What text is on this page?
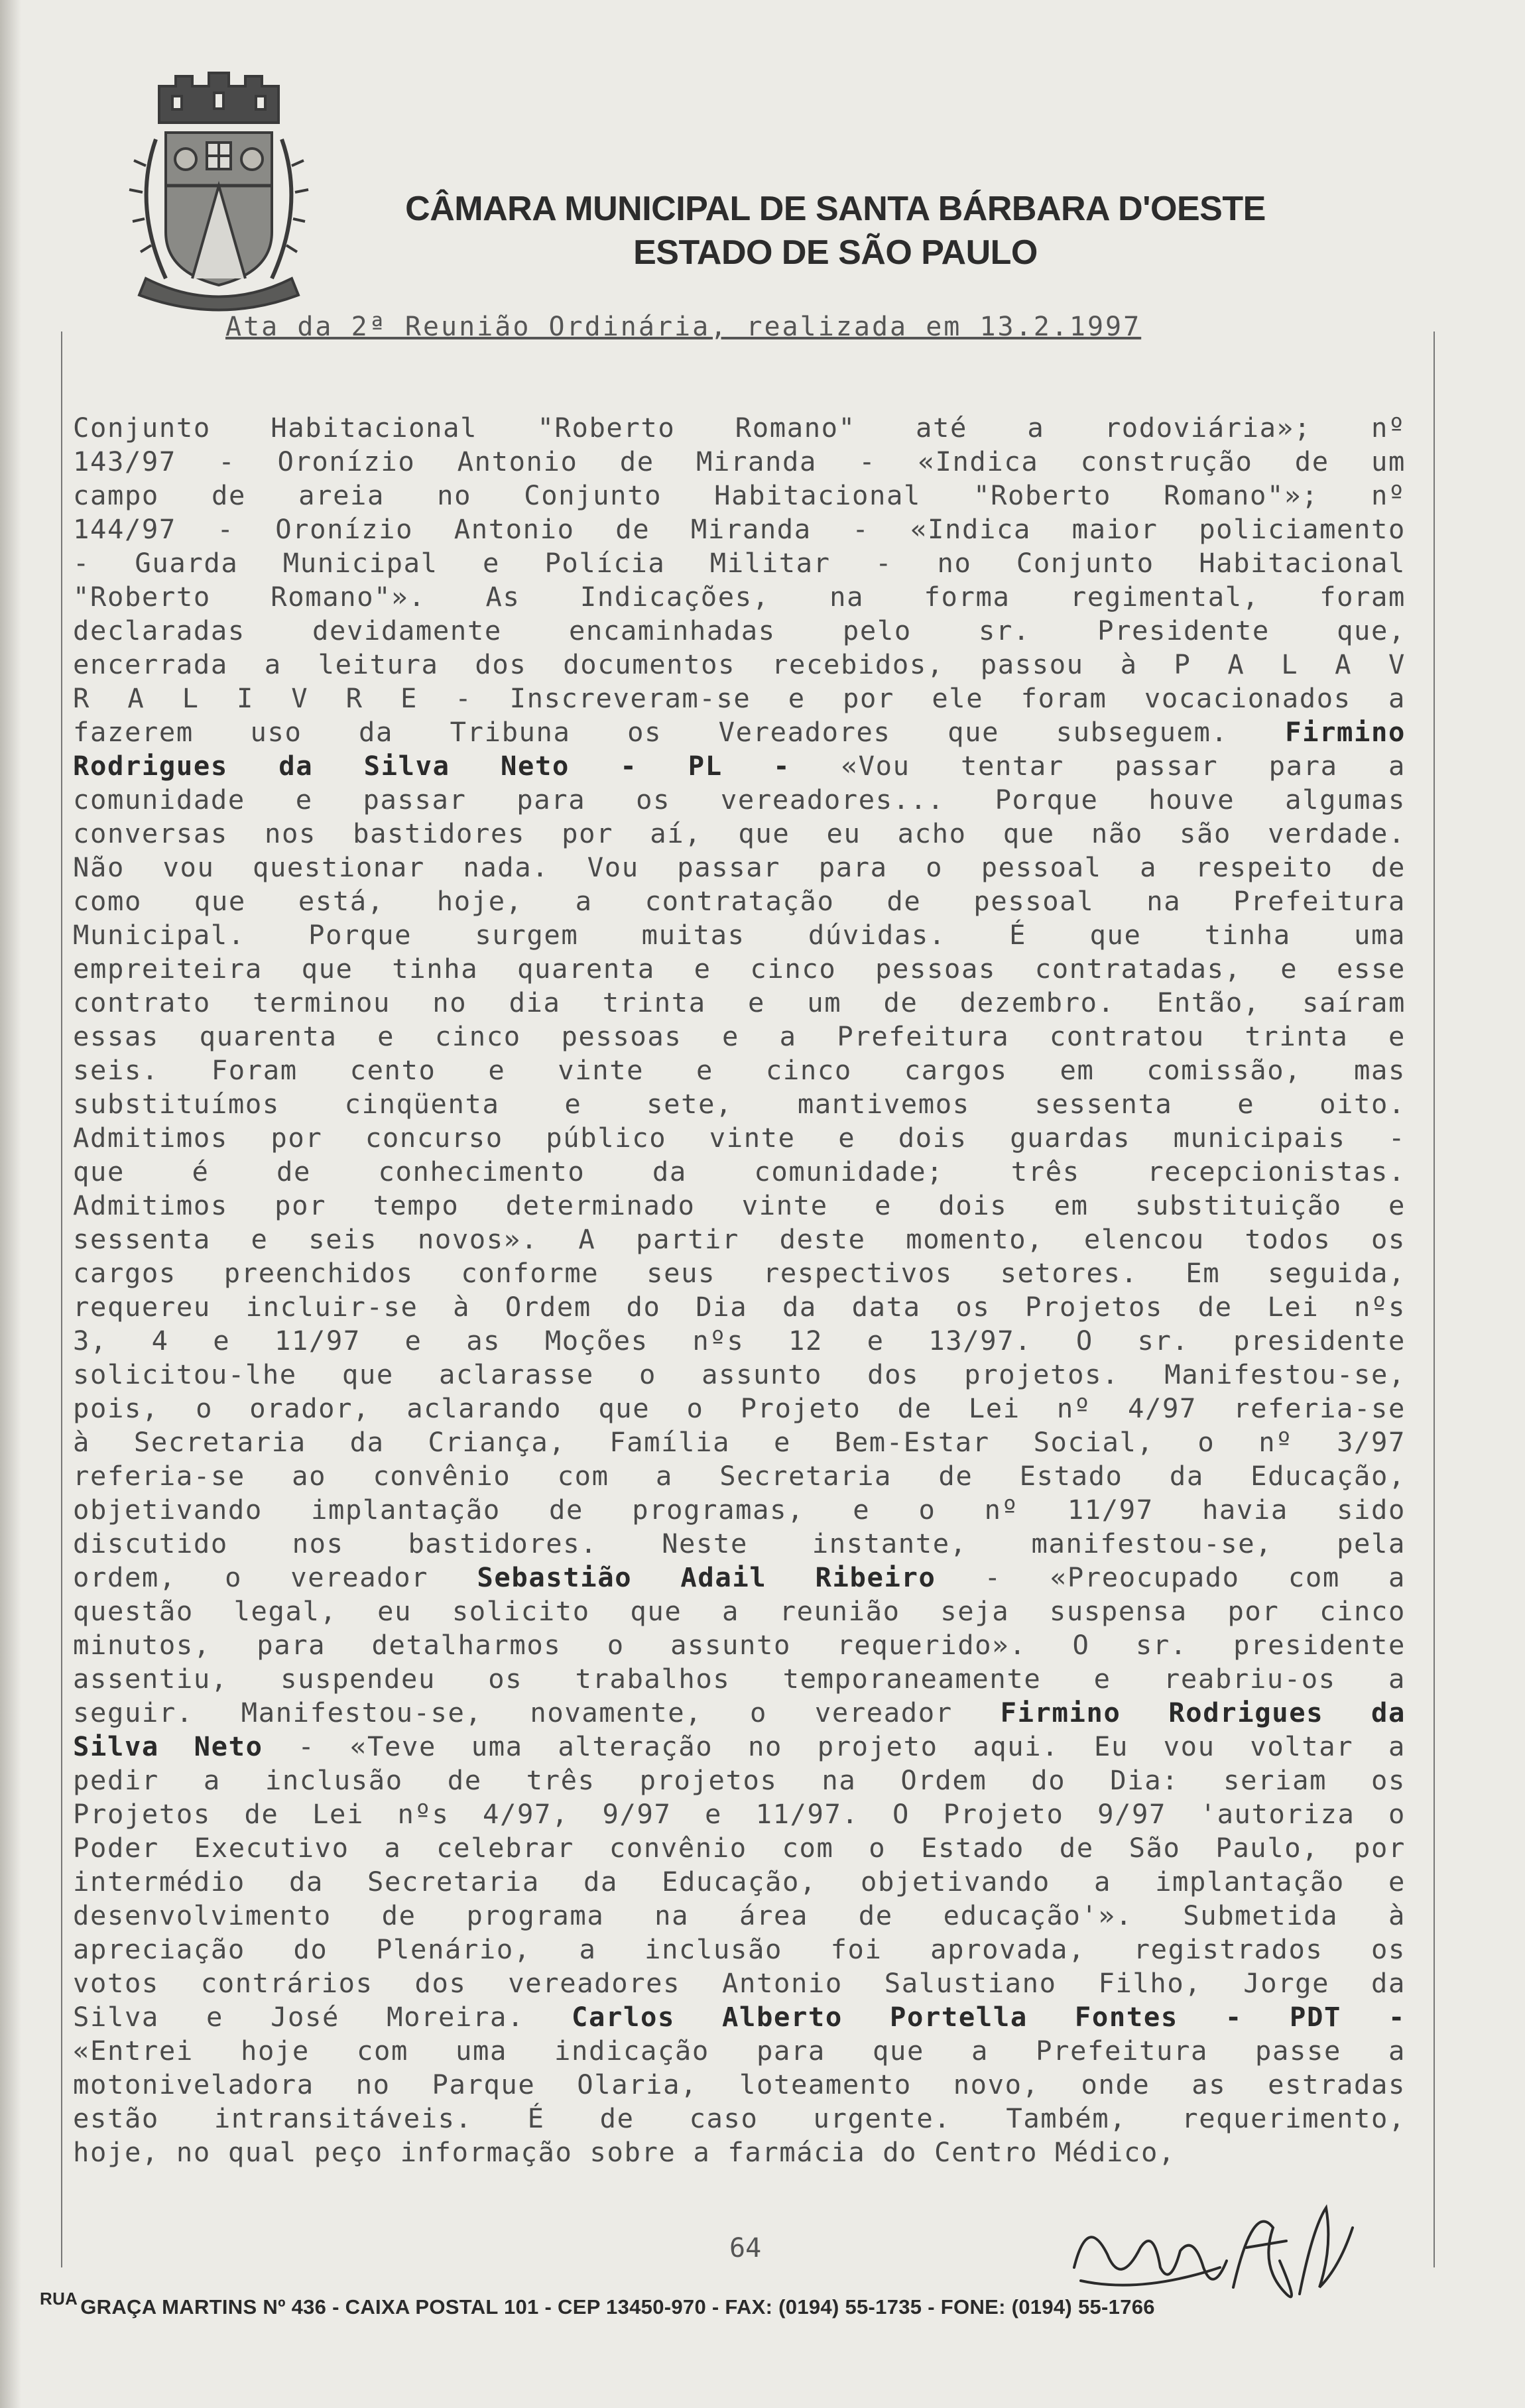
CÂMARA MUNICIPAL DE SANTA BÁRBARA D'OESTE
ESTADO DE SÃO PAULO
Ata da 2ª Reunião Ordinária, realizada em 13.2.1997
Conjunto Habitacional "Roberto Romano" até a rodoviária»; nº
143/97 - Oronízio Antonio de Miranda - «Indica construção de um
campo de areia no Conjunto Habitacional "Roberto Romano"»; nº
144/97 - Oronízio Antonio de Miranda - «Indica maior policiamento
- Guarda Municipal e Polícia Militar - no Conjunto Habitacional
"Roberto Romano"». As Indicações, na forma regimental, foram
declaradas devidamente encaminhadas pelo sr. Presidente que,
encerrada a leitura dos documentos recebidos, passou à P A L A V
R A L I V R E - Inscreveram-se e por ele foram vocacionados a
fazerem uso da Tribuna os Vereadores que subseguem. Firmino
Rodrigues da Silva Neto - PL - «Vou tentar passar para a
comunidade e passar para os vereadores... Porque houve algumas
conversas nos bastidores por aí, que eu acho que não são verdade.
Não vou questionar nada. Vou passar para o pessoal a respeito de
como que está, hoje, a contratação de pessoal na Prefeitura
Municipal. Porque surgem muitas dúvidas. É que tinha uma
empreiteira que tinha quarenta e cinco pessoas contratadas, e esse
contrato terminou no dia trinta e um de dezembro. Então, saíram
essas quarenta e cinco pessoas e a Prefeitura contratou trinta e
seis. Foram cento e vinte e cinco cargos em comissão, mas
substituímos cinqüenta e sete, mantivemos sessenta e oito.
Admitimos por concurso público vinte e dois guardas municipais -
que é de conhecimento da comunidade; três recepcionistas.
Admitimos por tempo determinado vinte e dois em substituição e
sessenta e seis novos». A partir deste momento, elencou todos os
cargos preenchidos conforme seus respectivos setores. Em seguida,
requereu incluir-se à Ordem do Dia da data os Projetos de Lei nºs
3, 4 e 11/97 e as Moções nºs 12 e 13/97. O sr. presidente
solicitou-lhe que aclarasse o assunto dos projetos. Manifestou-se,
pois, o orador, aclarando que o Projeto de Lei nº 4/97 referia-se
à Secretaria da Criança, Família e Bem-Estar Social, o nº 3/97
referia-se ao convênio com a Secretaria de Estado da Educação,
objetivando implantação de programas, e o nº 11/97 havia sido
discutido nos bastidores. Neste instante, manifestou-se, pela
ordem, o vereador Sebastião Adail Ribeiro - «Preocupado com a
questão legal, eu solicito que a reunião seja suspensa por cinco
minutos, para detalharmos o assunto requerido». O sr. presidente
assentiu, suspendeu os trabalhos temporaneamente e reabriu-os a
seguir. Manifestou-se, novamente, o vereador Firmino Rodrigues da
Silva Neto - «Teve uma alteração no projeto aqui. Eu vou voltar a
pedir a inclusão de três projetos na Ordem do Dia: seriam os
Projetos de Lei nºs 4/97, 9/97 e 11/97. O Projeto 9/97 'autoriza o
Poder Executivo a celebrar convênio com o Estado de São Paulo, por
intermédio da Secretaria da Educação, objetivando a implantação e
desenvolvimento de programa na área de educação'». Submetida à
apreciação do Plenário, a inclusão foi aprovada, registrados os
votos contrários dos vereadores Antonio Salustiano Filho, Jorge da
Silva e José Moreira. Carlos Alberto Portella Fontes - PDT -
«Entrei hoje com uma indicação para que a Prefeitura passe a
motoniveladora no Parque Olaria, loteamento novo, onde as estradas
estão intransitáveis. É de caso urgente. Também, requerimento,
hoje, no qual peço informação sobre a farmácia do Centro Médico,
64
$^{RUA}$ GRAÇA MARTINS Nº 436 - CAIXA POSTAL 101 - CEP 13450-970 - FAX: (0194) 55-1735 - FONE: (0194) 55-1766
